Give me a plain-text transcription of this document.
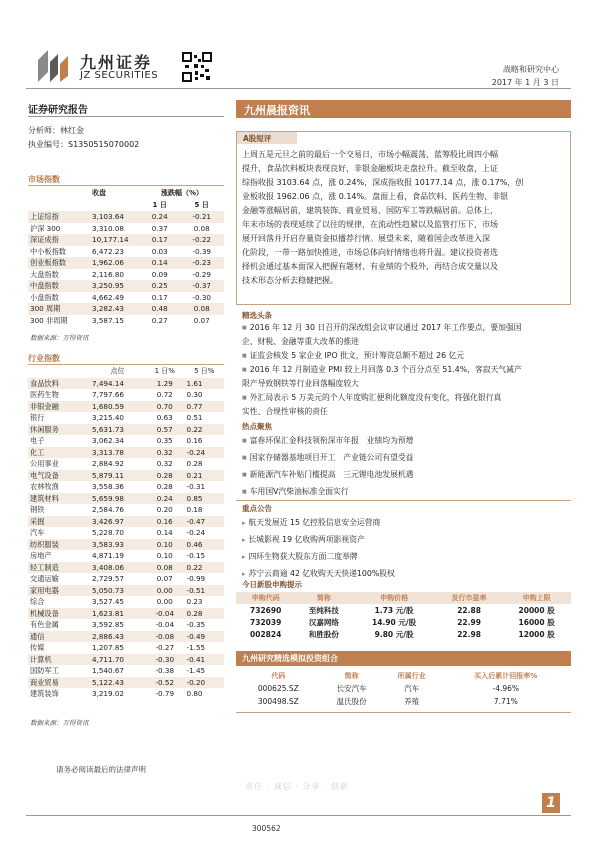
九州证券
JZ SECURITIES
战略和研究中心
2017 年 1 月 3 日
证券研究报告
分析师：林红金
执业编号：S1350515070002
市场指数
	收盘	涨跌幅（%）	
		1 日	5 日
上证综指	3,103.64	0.24	-0.21
沪深 300	3,310.08	0.37	0.08
深证成指	10,177.14	0.17	-0.22
中小板指数	6,472.23	0.03	-0.39
创业板指数	1,962.06	0.14	-0.23
大盘指数	2,116.80	0.09	-0.29
中盘指数	3,250.95	0.25	-0.37
小盘指数	4,662.49	0.17	-0.30
300 周期	3,282.43	0.48	0.08
300 非周期	3,587.15	0.27	0.07
数据来源：万得资讯
行业指数
	点位	1 日%	5 日%
食品饮料	7,494.14	1.29	1.61
医药生物	7,797.66	0.72	0.30
非银金融	1,680.59	0.70	0.77
银行	3,215.40	0.63	0.51
休闲服务	5,631.73	0.57	0.22
电子	3,062.34	0.35	0.16
化工	3,313.78	0.32	-0.24
公用事业	2,884.92	0.32	0.28
电气设备	5,879.11	0.28	0.21
农林牧渔	3,558.36	0.28	-0.31
建筑材料	5,659.98	0.24	0.85
钢铁	2,584.76	0.20	0.18
采掘	3,426.97	0.16	-0.47
汽车	5,228.70	0.14	-0.24
纺织服装	3,583.93	0.10	0.46
房地产	4,871.19	0.10	-0.15
轻工制造	3,408.06	0.08	0.22
交通运输	2,729.57	0.07	-0.99
家用电器	5,050.73	0.00	-0.51
综合	3,527.45	0.00	0.23
机械设备	1,623.81	-0.04	0.28
有色金属	3,592.85	-0.04	-0.35
通信	2,886.43	-0.08	-0.49
传媒	1,207.85	-0.27	-1.55
计算机	4,711.70	-0.30	-0.41
国防军工	1,540.67	-0.38	-1.45
商业贸易	5,122.43	-0.52	-0.20
建筑装饰	3,219.02	-0.79	0.80
数据来源：万得资讯
九州晨报资讯
A股短评
上周五是元旦之前的最后一个交易日，市场小幅震荡，蓝筹股比周四小幅
提升，食品饮料板块表现良好，非银金融板块走盘拉升。截至收盘，上证
综指收报 3103.64 点，涨 0.24%，深成指收报 10177.14 点，涨 0.17%，创
业板收报 1962.06 点，涨 0.14%。盘面上看，食品饮料、医药生物、非银
金融等涨幅居前，建筑装饰、商业贸易、国防军工等跌幅居前。总体上，
年末市场的表现延续了以往的规律，在流动性趋紧以及监管打压下，市场
展开回落并开启存量资金拟播荐行情。展望未来，随着国企改革进入深
化阶段，一带一路加快推进，市场总体向好情绪也将升温。建议投资者选
择机会通过基本面深入把握有题材、有业绩的个股外，再结合成交量以及
技术形态分析去稳健把握。
精选头条
■ 2016 年 12 月 30 日召开的深改组会议审议通过 2017 年工作要点，要加强国
企、财税、金融等重大改革的推进
■ 证监会核发 5 家企业 IPO 批文，预计筹资总额不超过 26 亿元
■ 2016 年 12 月制造业 PMI 较上月回落 0.3 个百分点至 51.4%，客寂天气减产
限产导致钢铁等行业回落幅度较大
■ 外汇局表示 5 万美元的个人年度购汇便利化额度没有变化，将强化银行真
实性、合规性审核的责任
热点聚焦
■ 富春环保汇金科技领衔深市年报　业绩均为预增
■ 国家存储器基地项目开工　产业链公司有望受益
■ 新能源汽车补贴门槛提高　三元锂电池发展机遇
■ 车用国Ⅴ汽柴油标准全面实行
重点公告
▸ 航天发展近 15 亿控股信息安全运营商
▸ 长城影视 19 亿收购两项影视资产
▸ 四环生物获大股东方面二度举牌
▸ 苏宁云商逾 42 亿收购天天快递100%股权
今日新股申购提示
申购代码	简称	申购价格	发行市盈率	申购上限
732690	至纯科技	1.73 元/股	22.88	20000 股
732039	汉嘉网络	14.90 元/股	22.99	16000 股
002824	和胜股份	9.80 元/股	22.98	12000 股
九州研究精选模拟投资组合
代码	简称	所属行业	买入后累计回报率%
000625.SZ	长安汽车	汽车	-4.96%
300498.SZ	温氏股份	养殖	7.71%
请务必阅读最后的法律声明
责任 · 诚信 · 分享 · 创新
1
300562
